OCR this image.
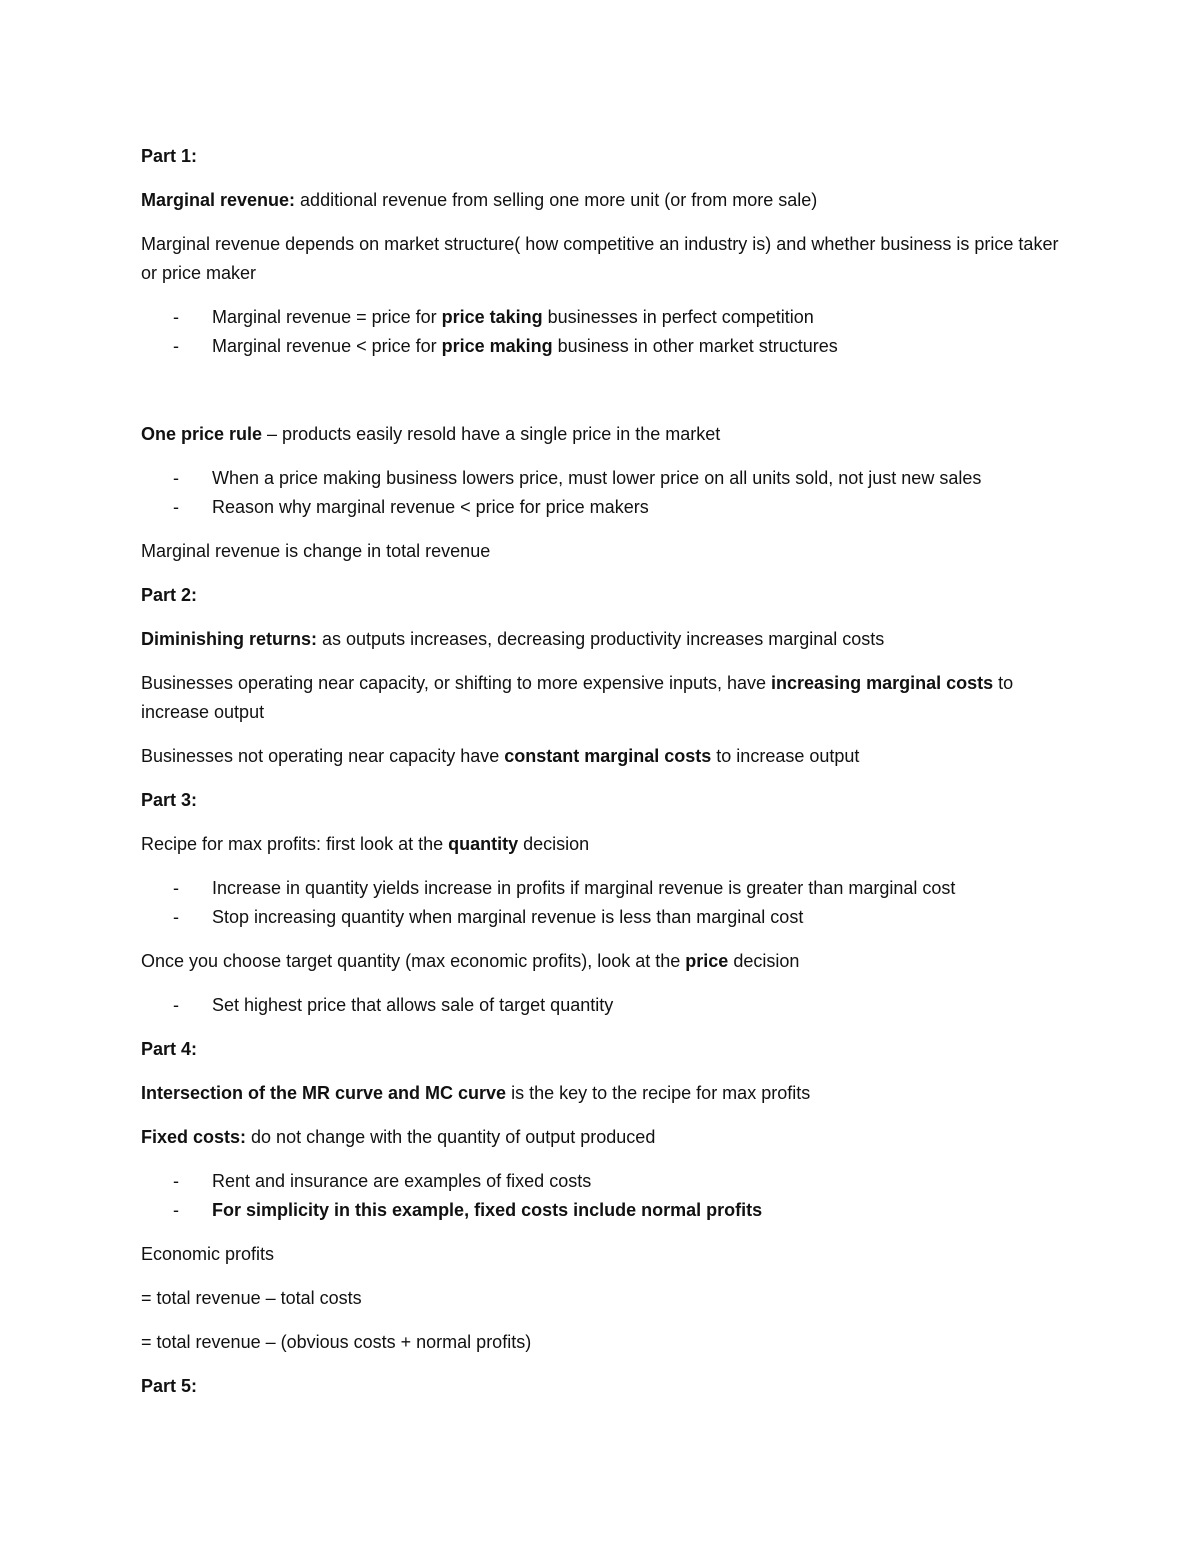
Part 1:

Marginal revenue: additional revenue from selling one more unit (or from more sale)

Marginal revenue depends on market structure( how competitive an industry is) and whether business is price taker or price maker

- Marginal revenue = price for price taking businesses in perfect competition
- Marginal revenue < price for price making business in other market structures

One price rule – products easily resold have a single price in the market

- When a price making business lowers price, must lower price on all units sold, not just new sales
- Reason why marginal revenue < price for price makers

Marginal revenue is change in total revenue

Part 2:

Diminishing returns: as outputs increases, decreasing productivity increases marginal costs

Businesses operating near capacity, or shifting to more expensive inputs, have increasing marginal costs to increase output

Businesses not operating near capacity have constant marginal costs to increase output

Part 3:

Recipe for max profits: first look at the quantity decision

- Increase in quantity yields increase in profits if marginal revenue is greater than marginal cost
- Stop increasing quantity when marginal revenue is less than marginal cost

Once you choose target quantity (max economic profits), look at the price decision

- Set highest price that allows sale of target quantity

Part 4:

Intersection of the MR curve and MC curve is the key to the recipe for max profits

Fixed costs: do not change with the quantity of output produced

- Rent and insurance are examples of fixed costs
- For simplicity in this example, fixed costs include normal profits

Economic profits

= total revenue – total costs

= total revenue – (obvious costs + normal profits)

Part 5:
